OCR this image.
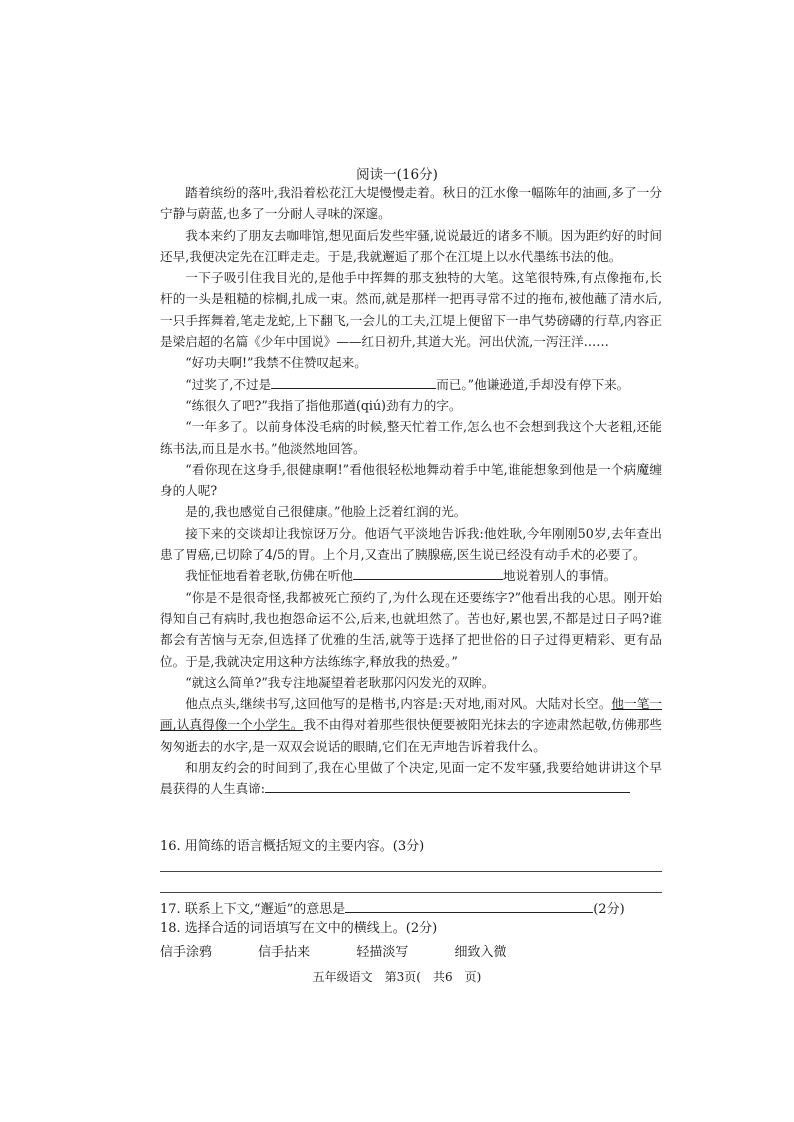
阅读一(16分)

踏着缤纷的落叶,我沿着松花江大堤慢慢走着。秋日的江水像一幅陈年的油画,多了一分宁静与蔚蓝,也多了一分耐人寻味的深邃。

我本来约了朋友去咖啡馆,想见面后发些牢骚,说说最近的诸多不顺。因为距约好的时间还早,我便决定先在江畔走走。于是,我就邂逅了那个在江堤上以水代墨练书法的他。

一下子吸引住我目光的,是他手中挥舞的那支独特的大笔。这笔很特殊,有点像拖布,长杆的一头是粗糙的棕榈,扎成一束。然而,就是那样一把再寻常不过的拖布,被他蘸了清水后,一只手挥舞着,笔走龙蛇,上下翻飞,一会儿的工夫,江堤上便留下一串气势磅礴的行草,内容正是梁启超的名篇《少年中国说》——红日初升,其道大光。河出伏流,一泻汪洋……

“好功夫啊!”我禁不住赞叹起来。

“过奖了,不过是	而已。”他谦逊道,手却没有停下来。

“练很久了吧?”我指了指他那遒(qiú)劲有力的字。

“一年多了。以前身体没毛病的时候,整天忙着工作,怎么也不会想到我这个大老粗,还能练书法,而且是水书。”他淡然地回答。

“看你现在这身手,很健康啊!”看他很轻松地舞动着手中笔,谁能想象到他是一个病魔缠身的人呢?

是的,我也感觉自己很健康。”他脸上泛着红润的光。

接下来的交谈却让我惊讶万分。他语气平淡地告诉我:他姓耿,今年刚刚50岁,去年查出患了胃癌,已切除了4/5的胃。上个月,又查出了胰腺癌,医生说已经没有动手术的必要了。

我怔怔地看着老耿,仿佛在听他	地说着别人的事情。

“你是不是很奇怪,我都被死亡预约了,为什么现在还要练字?”他看出我的心思。刚开始得知自己有病时,我也抱怨命运不公,后来,也就坦然了。苦也好,累也罢,不都是过日子吗?谁都会有苦恼与无奈,但选择了优雅的生活,就等于选择了把世俗的日子过得更精彩、更有品位。于是,我就决定用这种方法练练字,释放我的热爱。”

“就这么简单?”我专注地凝望着老耿那闪闪发光的双眸。

他点点头,继续书写,这回他写的是楷书,内容是:天对地,雨对风。大陆对长空。他一笔一画,认真得像一个小学生。我不由得对着那些很快便要被阳光抹去的字迹肃然起敬,仿佛那些匆匆逝去的水字,是一双双会说话的眼睛,它们在无声地告诉着我什么。

和朋友约会的时间到了,我在心里做了个决定,见面一定不发牢骚,我要给她讲讲这个早晨获得的人生真谛:

16. 用简练的语言概括短文的主要内容。(3分)

17. 联系上下文,“邂逅”的意思是	(2分)

18. 选择合适的词语填写在文中的横线上。(2分)

信手涂鸦	信手拈来	轻描淡写	细致入微
五年级语文　第3页(　共6　页)
